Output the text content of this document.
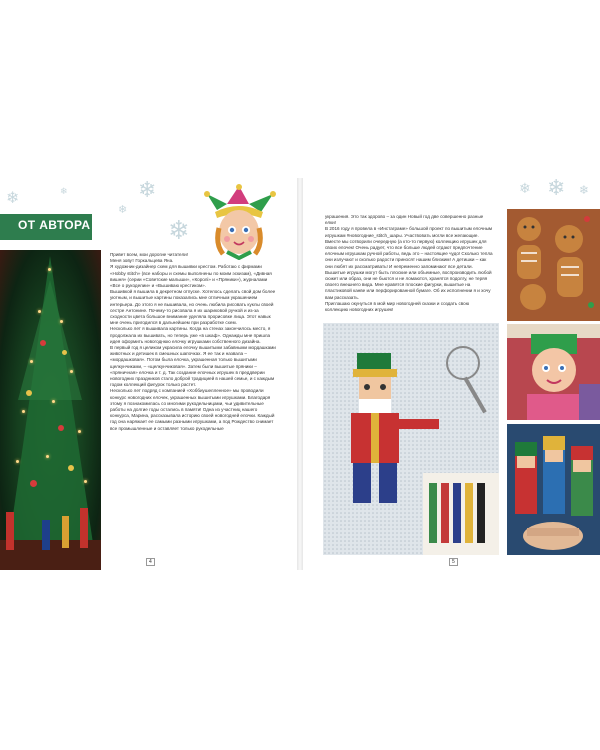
❄	❄
❄
❄
❄
ОТ АВТОРА

Привет всем, мои дорогие читатели!

Меня зовут Горкальцева Яна.

Я художник-дизайнер схем для вышивки крестом. Работаю с фирмами «Hobby stitch» (все наборы и схемы выполнены по моим эскизам), «Дивная вишня» (серии «Советские малыши», «Королі» и «Пряники»), журналами «Все о рукоделии» и «Вышиваю крестиком».

Вышивкой я вышила в декретном отпуске. Хотелось сделать свой дом более уютным, и вышитые картины показались мне отличным украшением интерьера. До этого я не вышивала, но очень любила рисовать куклы своей сестре Антонине. Почему-то рисовала я их шариковой ручкой и из-за сходности цвета большое внимание уделяла прорисовке лица. Этот навык мне очень пригодился в дальнейшем при разработке схем.

Несколько лет я вышивала картины. Когда на стенах закончилось место, я продолжала их вышивать, но теперь уже «в шкаф». Однажды мне пришла идея оформить новогоднюю елочку игрушками собственного дизайна.

В первый год я целиком украсила елочку вышитыми забавными мордашками животных и детишек в смешных шапочках. Я ее так и назвала – «мордашковая». Потом была елочка, украшенная только вышитыми щелкунчиками, – «щелкунчиковая». Затем были вышитые пряники – «пряничная» елочка и т. д. Так создание елочных игрушек в преддверии новогодних праздников стало доброй традицией в нашей семье, и с каждым годом коллекций фигурок только растет.

Несколько лет подряд с компанией «Хоббиушелленное» мы проводили конкурс новогодних елочек, украшенных вышитыми игрушками. Благодаря этому я познакомилась со многими рукодельницами, чьи удивительные работы на долгие годы остались в памяти! Одна из участниц нашего конкурса, Марина, рассказывала историю своей новогодней елочки. Каждый год она наряжает ее самыми разными игрушками, а под Рождество снимает все промышленные и оставляет только рукодельные

4
❄ ❄ ❄

украшения. Это так здорово – за один Новый год две совершенно разные елки!

В 2016 году я провела в «Инстаграме» большой проект по вышитым елочным игрушкам #новогодние_stitch_шары. Участвовать могли все желающие. Вместе мы сотворили очередную (а кто-то первую) коллекцию игрушек для своих елочек! Очень радует, что все больше людей отдают предпочтение елочным игрушкам ручной работы, ведь это – настоящее чудо! Сколько тепла они излучают и сколько радости приносят нашим близким! А детишки – как они любят их рассматривать! И непременно запоминают все детали.

Вышитые игрушки могут быть плоские или объемные, воспроизводить любой сюжет или образ, они не бьются и не ломаются, хранятся подолгу, не теряя своего внешнего вида. Мне нравятся плоские фигурки, вышитые на пластиковой канве или перфорированной бумаге. Об их исполнении я и хочу вам рассказать.

Приглашаю окунуться в мой мир новогодней сказки и создать свою коллекцию новогодних игрушек!

5
